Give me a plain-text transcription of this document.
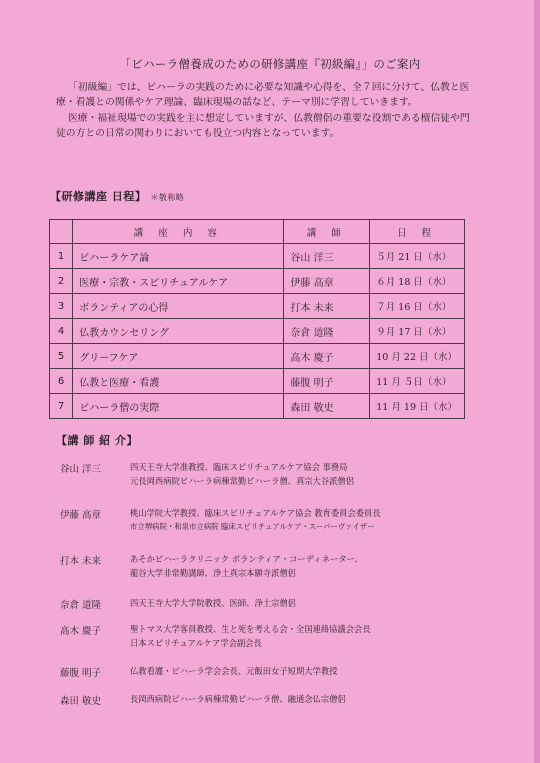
「ビハーラ僧養成のための研修講座『初級編』」のご案内

「初級編」では、ビハーラの実践のために必要な知識や心得を、全７回に分けて、仏教と医療・看護との関係やケア理論、臨床現場の話など、テーマ別に学習していきます。

医療・福祉現場での実践を主に想定していますが、仏教僧侶の重要な役割である檀信徒や門徒の方との日常の関わりにおいても役立つ内容となっています。

【研修講座 日程】 ＊敬称略
	講 座 内 容	講 師	日 程
1	ビハーラケア論	谷山 洋三	５月 21 日（水）
2	医療・宗教・スピリチュアルケア	伊藤 高章	６月 18 日（水）
3	ボランティアの心得	打本 未来	７月 16 日（水）
4	仏教カウンセリング	奈倉 道隆	９月 17 日（水）
5	グリーフケア	高木 慶子	10 月 22 日（水）
6	仏教と医療・看護	藤腹 明子	11 月 ５日（水）
7	ビハーラ僧の実際	森田 敬史	11 月 19 日（水）
【講 師 紹 介】
谷山 洋三	四天王寺大学准教授、臨床スピリチュアルケア協会 事務局
元長岡西病院ビハーラ病棟常勤ビハーラ僧、真宗大谷派僧侶
伊藤 高章	桃山学院大学教授、臨床スピリチュアルケア協会 教育委員会委員長
市立堺病院・和泉市立病院 臨床スピリチュアルケア・スーパーヴァイザー
打本 未来	あそかビハーラクリニック ボランティア・コーディネーター、
龍谷大学非常勤講師、浄土真宗本願寺派僧侶
奈倉 道隆	四天王寺大学大学院教授、医師、浄土宗僧侶
高木 慶子	聖トマス大学客員教授、生と死を考える会・全国連絡協議会会長
日本スピリチュアルケア学会副会長
藤腹 明子	仏教看護・ビハーラ学会会長、元飯田女子短期大学教授
森田 敬史	長岡西病院ビハーラ病棟常勤ビハーラ僧、融通念仏宗僧侶
